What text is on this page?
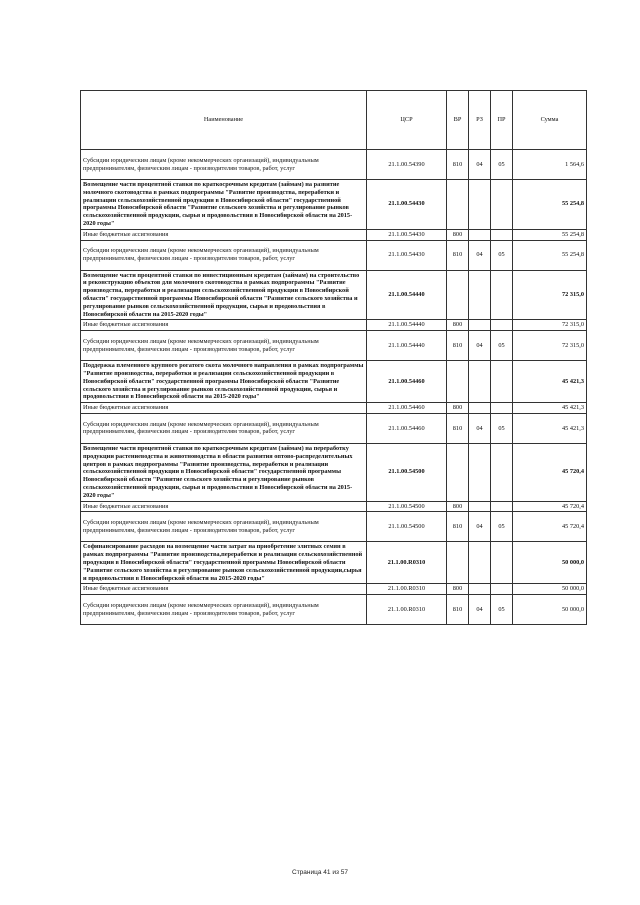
Наименование	ЦСР	ВР	РЗ	ПР	Сумма
Субсидии юридическим лицам (кроме некоммерческих организаций), индивидуальным предпринимателям, физическим лицам - производителям товаров, работ, услуг	21.1.00.54390	810	04	05	1 564,6
Возмещение части процентной ставки по краткосрочным кредитам (займам) на развитие молочного скотоводства в рамках подпрограммы "Развитие производства, переработки и реализации сельскохозяйственной продукции в Новосибирской области" государственной программы Новосибирской области "Развитие сельского хозяйства и регулирование рынков сельскохозяйственной продукции, сырья и продовольствия в Новосибирской области на 2015-2020 годы"	21.1.00.54430				55 254,8
Иные бюджетные ассигнования	21.1.00.54430	800			55 254,8
Субсидии юридическим лицам (кроме некоммерческих организаций), индивидуальным предпринимателям, физическим лицам - производителям товаров, работ, услуг	21.1.00.54430	810	04	05	55 254,8
Возмещение части процентной ставки по инвестиционным кредитам (займам) на строительство и реконструкцию объектов для молочного скотоводства в рамках подпрограммы "Развитие производства, переработки и реализации сельскохозяйственной продукции в Новосибирской области" государственной программы Новосибирской области "Развитие сельского хозяйства и регулирование рынков сельскохозяйственной продукции, сырья и продовольствия в Новосибирской области на 2015-2020 годы"	21.1.00.54440				72 315,0
Иные бюджетные ассигнования	21.1.00.54440	800			72 315,0
Субсидии юридическим лицам (кроме некоммерческих организаций), индивидуальным предпринимателям, физическим лицам - производителям товаров, работ, услуг	21.1.00.54440	810	04	05	72 315,0
Поддержка племенного крупного рогатого скота молочного направления в рамках подпрограммы "Развитие производства, переработки и реализации сельскохозяйственной продукции в Новосибирской области" государственной программы Новосибирской области "Развитие сельского хозяйства и регулирование рынков сельскохозяйственной продукции, сырья и продовольствия в Новосибирской области на 2015-2020 годы"	21.1.00.54460				45 421,3
Иные бюджетные ассигнования	21.1.00.54460	800			45 421,3
Субсидии юридическим лицам (кроме некоммерческих организаций), индивидуальным предпринимателям, физическим лицам - производителям товаров, работ, услуг	21.1.00.54460	810	04	05	45 421,3
Возмещение части процентной ставки по краткосрочным кредитам (займам) на переработку продукции растениеводства и животноводства в области развития оптово-распределительных центров в рамках подпрограммы "Развитие производства, переработки и реализации сельскохозяйственной продукции в Новосибирской области" государственной программы Новосибирской области "Развитие сельского хозяйства и регулирование рынков сельскохозяйственной продукции, сырья и продовольствия в Новосибирской области на 2015-2020 годы"	21.1.00.54500				45 720,4
Иные бюджетные ассигнования	21.1.00.54500	800			45 720,4
Субсидии юридическим лицам (кроме некоммерческих организаций), индивидуальным предпринимателям, физическим лицам - производителям товаров, работ, услуг	21.1.00.54500	810	04	05	45 720,4
Софинансирование расходов на возмещение части затрат на приобретение элитных семян в рамках подпрограммы "Развитие производства,переработки и реализации сельскохозяйственной продукции в Новосибирской области" государственной программы Новосибирской области "Развитие сельского хозяйства и регулирование рынков сельскохозяйственной продукции,сырья и продовольствия в Новосибирской области на 2015-2020 годы"	21.1.00.R0310				50 000,0
Иные бюджетные ассигнования	21.1.00.R0310	800			50 000,0
Субсидии юридическим лицам (кроме некоммерческих организаций), индивидуальным предпринимателям, физическим лицам - производителям товаров, работ, услуг	21.1.00.R0310	810	04	05	50 000,0
Страница 41 из 57
